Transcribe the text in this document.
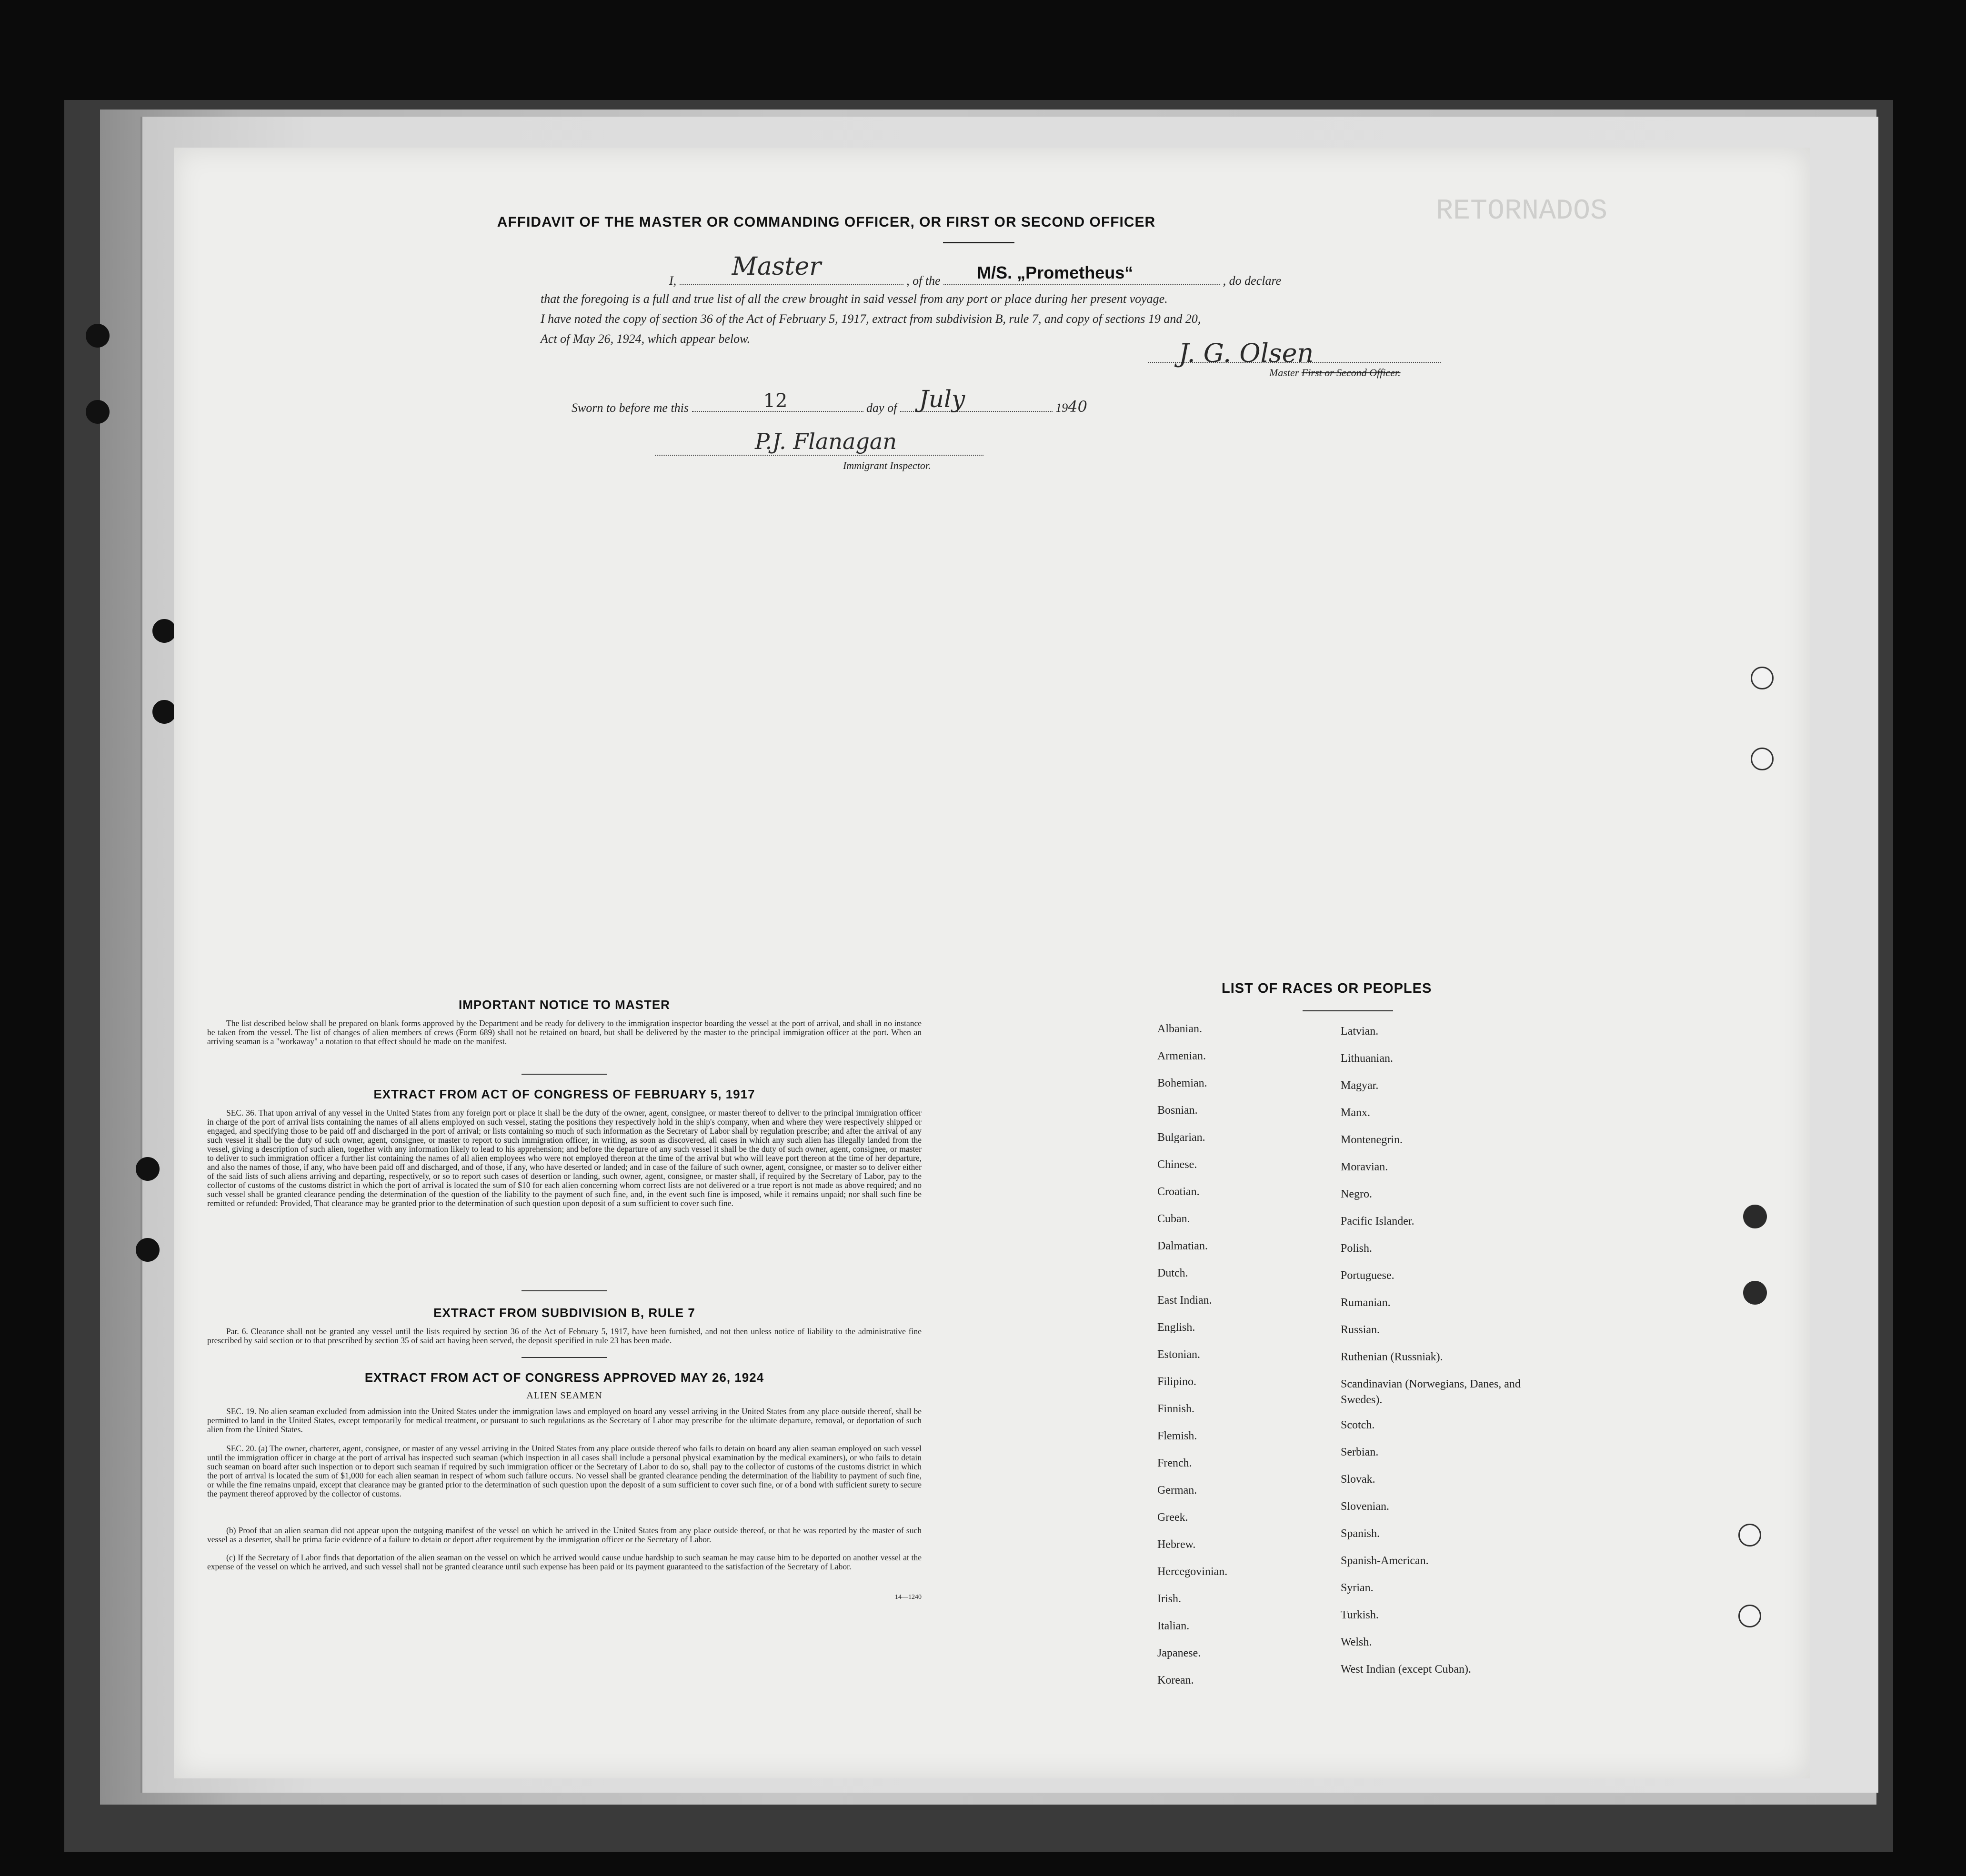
RETORNADOS
AFFIDAVIT OF THE MASTER OR COMMANDING OFFICER, OR FIRST OR SECOND OFFICER
I, Master	, of the M/S. „Prometheus“	, do declare
that the foregoing is a full and true list of all the crew brought in said vessel from any port or place during her present voyage.
I have noted the copy of section 36 of the Act of February 5, 1917, extract from subdivision B, rule 7, and copy of sections 19 and 20,
Act of May 26, 1924, which appear below.	J. G. Olsen
Master First or Second Officer.
Sworn to before me this	12	day of July	1940
P.J. Flanagan
Immigrant Inspector.
IMPORTANT NOTICE TO MASTER
The list described below shall be prepared on blank forms approved by the Department and be ready for delivery to the immigration inspector boarding the vessel at the port of arrival, and shall in no instance be taken from the vessel. The list of changes of alien members of crews (Form 689) shall not be retained on board, but shall be delivered by the master to the principal immigration officer at the port. When an arriving seaman is a "workaway" a notation to that effect should be made on the manifest.
EXTRACT FROM ACT OF CONGRESS OF FEBRUARY 5, 1917
SEC. 36. That upon arrival of any vessel in the United States from any foreign port or place it shall be the duty of the owner, agent, consignee, or master thereof to deliver to the principal immigration officer in charge of the port of arrival lists containing the names of all aliens employed on such vessel, stating the positions they respectively hold in the ship's company, when and where they were respectively shipped or engaged, and specifying those to be paid off and discharged in the port of arrival; or lists containing so much of such information as the Secretary of Labor shall by regulation prescribe; and after the arrival of any such vessel it shall be the duty of such owner, agent, consignee, or master to report to such immigration officer, in writing, as soon as discovered, all cases in which any such alien has illegally landed from the vessel, giving a description of such alien, together with any information likely to lead to his apprehension; and before the departure of any such vessel it shall be the duty of such owner, agent, consignee, or master to deliver to such immigration officer a further list containing the names of all alien employees who were not employed thereon at the time of the arrival but who will leave port thereon at the time of her departure, and also the names of those, if any, who have been paid off and discharged, and of those, if any, who have deserted or landed; and in case of the failure of such owner, agent, consignee, or master so to deliver either of the said lists of such aliens arriving and departing, respectively, or so to report such cases of desertion or landing, such owner, agent, consignee, or master shall, if required by the Secretary of Labor, pay to the collector of customs of the customs district in which the port of arrival is located the sum of $10 for each alien concerning whom correct lists are not delivered or a true report is not made as above required; and no such vessel shall be granted clearance pending the determination of the question of the liability to the payment of such fine, and, in the event such fine is imposed, while it remains unpaid; nor shall such fine be remitted or refunded: Provided, That clearance may be granted prior to the determination of such question upon deposit of a sum sufficient to cover such fine.
EXTRACT FROM SUBDIVISION B, RULE 7
Par. 6. Clearance shall not be granted any vessel until the lists required by section 36 of the Act of February 5, 1917, have been furnished, and not then unless notice of liability to the administrative fine prescribed by said section or to that prescribed by section 35 of said act having been served, the deposit specified in rule 23 has been made.
EXTRACT FROM ACT OF CONGRESS APPROVED MAY 26, 1924
ALIEN SEAMEN
SEC. 19. No alien seaman excluded from admission into the United States under the immigration laws and employed on board any vessel arriving in the United States from any place outside thereof, shall be permitted to land in the United States, except temporarily for medical treatment, or pursuant to such regulations as the Secretary of Labor may prescribe for the ultimate departure, removal, or deportation of such alien from the United States.
SEC. 20. (a) The owner, charterer, agent, consignee, or master of any vessel arriving in the United States from any place outside thereof who fails to detain on board any alien seaman employed on such vessel until the immigration officer in charge at the port of arrival has inspected such seaman (which inspection in all cases shall include a personal physical examination by the medical examiners), or who fails to detain such seaman on board after such inspection or to deport such seaman if required by such immigration officer or the Secretary of Labor to do so, shall pay to the collector of customs of the customs district in which the port of arrival is located the sum of $1,000 for each alien seaman in respect of whom such failure occurs. No vessel shall be granted clearance pending the determination of the liability to payment of such fine, or while the fine remains unpaid, except that clearance may be granted prior to the determination of such question upon the deposit of a sum sufficient to cover such fine, or of a bond with sufficient surety to secure the payment thereof approved by the collector of customs.
(b) Proof that an alien seaman did not appear upon the outgoing manifest of the vessel on which he arrived in the United States from any place outside thereof, or that he was reported by the master of such vessel as a deserter, shall be prima facie evidence of a failure to detain or deport after requirement by the immigration officer or the Secretary of Labor.
(c) If the Secretary of Labor finds that deportation of the alien seaman on the vessel on which he arrived would cause undue hardship to such seaman he may cause him to be deported on another vessel at the expense of the vessel on which he arrived, and such vessel shall not be granted clearance until such expense has been paid or its payment guaranteed to the satisfaction of the Secretary of Labor.
14—1240
LIST OF RACES OR PEOPLES
Albanian.
Armenian.
Bohemian.
Bosnian.
Bulgarian.
Chinese.
Croatian.
Cuban.
Dalmatian.
Dutch.
East Indian.
English.
Estonian.
Filipino.
Finnish.
Flemish.
French.
German.
Greek.
Hebrew.
Hercegovinian.
Irish.
Italian.
Japanese.
Korean.
Latvian.
Lithuanian.
Magyar.
Manx.
Montenegrin.
Moravian.
Negro.
Pacific Islander.
Polish.
Portuguese.
Rumanian.
Russian.
Ruthenian (Russniak).
Scandinavian (Norwegians, Danes, and Swedes).
Scotch.
Serbian.
Slovak.
Slovenian.
Spanish.
Spanish-American.
Syrian.
Turkish.
Welsh.
West Indian (except Cuban).
